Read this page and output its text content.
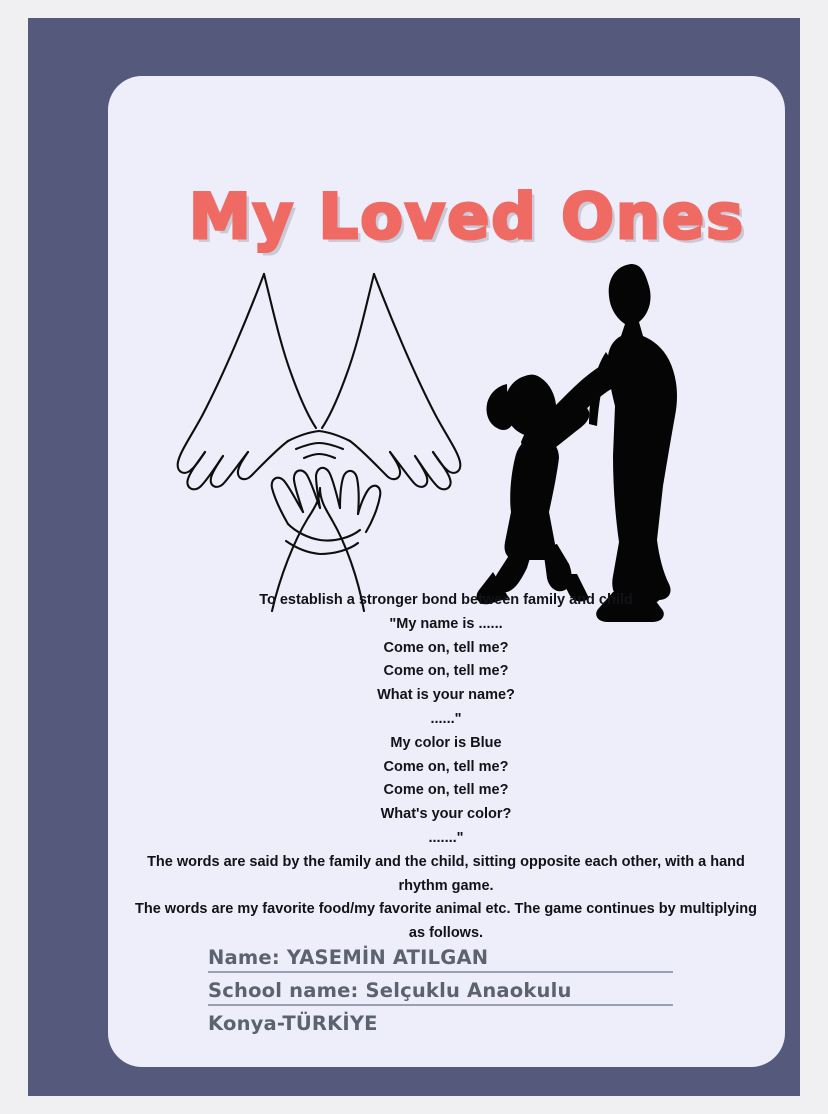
My Loved Ones
To establish a stronger bond between family and child
"My name is ......
Come on, tell me?
Come on, tell me?
What is your name?
......"
My color is Blue
Come on, tell me?
Come on, tell me?
What's your color?
......."
The words are said by the family and the child, sitting opposite each other, with a hand rhythm game.
The words are my favorite food/my favorite animal etc. The game continues by multiplying as follows.
Name: YASEMİN ATILGAN
School name: Selçuklu Anaokulu
Konya-TÜRKİYE
